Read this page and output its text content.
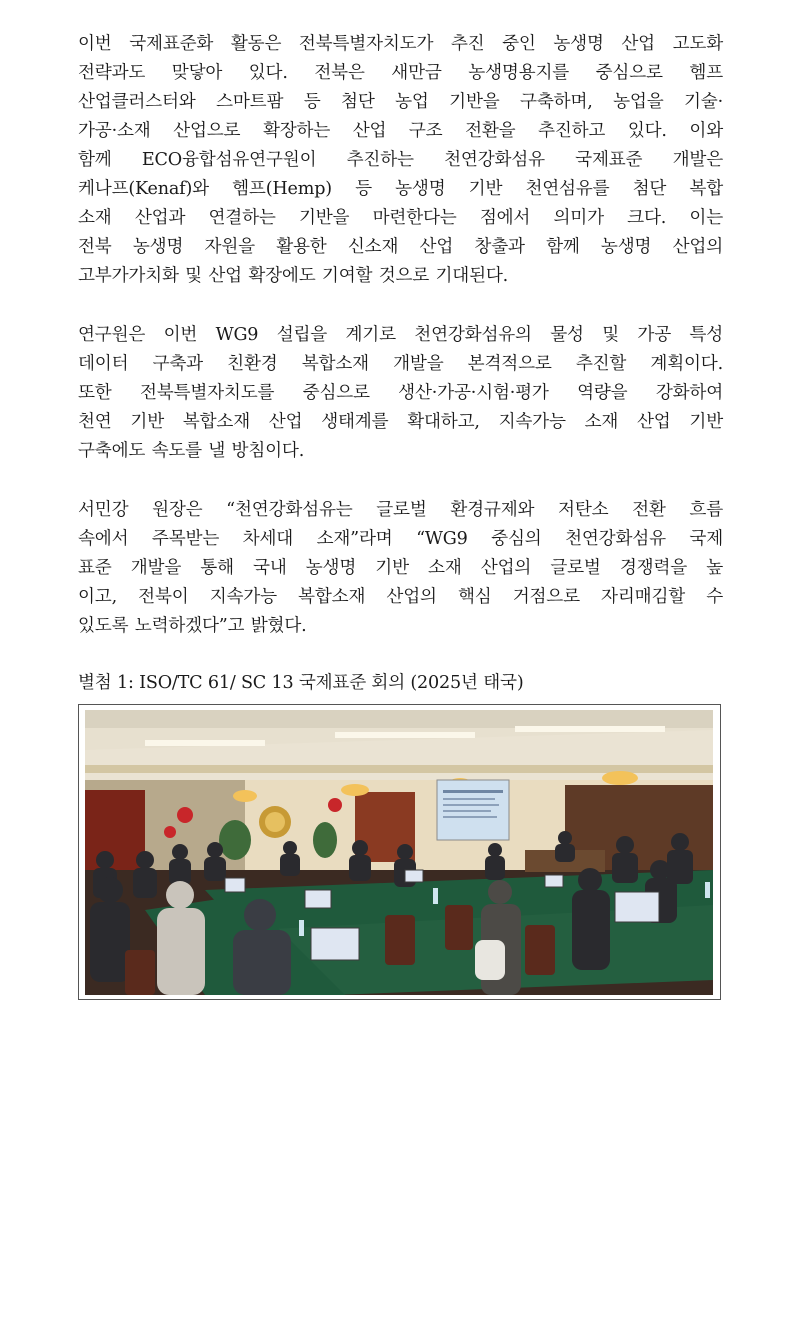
이번 국제표준화 활동은 전북특별자치도가 추진 중인 농생명 산업 고도화
전략과도 맞닿아 있다. 전북은 새만금 농생명용지를 중심으로 헴프
산업클러스터와 스마트팜 등 첨단 농업 기반을 구축하며, 농업을 기술·
가공·소재 산업으로 확장하는 산업 구조 전환을 추진하고 있다. 이와
함께 ECO융합섬유연구원이 추진하는 천연강화섬유 국제표준 개발은
케나프(Kenaf)와 헴프(Hemp) 등 농생명 기반 천연섬유를 첨단 복합
소재 산업과 연결하는 기반을 마련한다는 점에서 의미가 크다. 이는
전북 농생명 자원을 활용한 신소재 산업 창출과 함께 농생명 산업의
고부가가치화 및 산업 확장에도 기여할 것으로 기대된다.

연구원은 이번 WG9 설립을 계기로 천연강화섬유의 물성 및 가공 특성
데이터 구축과 친환경 복합소재 개발을 본격적으로 추진할 계획이다.
또한 전북특별자치도를 중심으로 생산·가공·시험·평가 역량을 강화하여
천연 기반 복합소재 산업 생태계를 확대하고, 지속가능 소재 산업 기반
구축에도 속도를 낼 방침이다.

서민강 원장은 “천연강화섬유는 글로벌 환경규제와 저탄소 전환 흐름
속에서 주목받는 차세대 소재”라며 “WG9 중심의 천연강화섬유 국제
표준 개발을 통해 국내 농생명 기반 소재 산업의 글로벌 경쟁력을 높
이고, 전북이 지속가능 복합소재 산업의 핵심 거점으로 자리매김할 수
있도록 노력하겠다”고 밝혔다.

별첨 1: ISO/TC 61/ SC 13 국제표준 회의 (2025년 태국)
